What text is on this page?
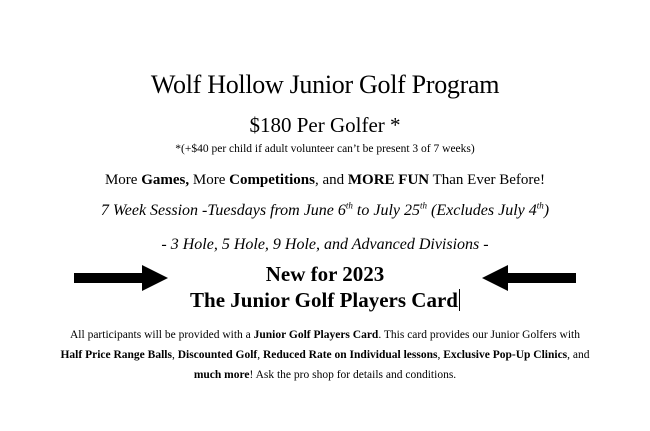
Wolf Hollow Junior Golf Program
$180 Per Golfer *
*(+$40 per child if adult volunteer can’t be present 3 of 7 weeks)
More Games, More Competitions, and MORE FUN Than Ever Before!
7 Week Session -Tuesdays from June 6th to July 25th (Excludes July 4th)
- 3 Hole, 5 Hole, 9 Hole, and Advanced Divisions -
New for 2023
The Junior Golf Players Card
All participants will be provided with a Junior Golf Players Card. This card provides our Junior Golfers with Half Price Range Balls, Discounted Golf, Reduced Rate on Individual lessons, Exclusive Pop-Up Clinics, and much more! Ask the pro shop for details and conditions.
